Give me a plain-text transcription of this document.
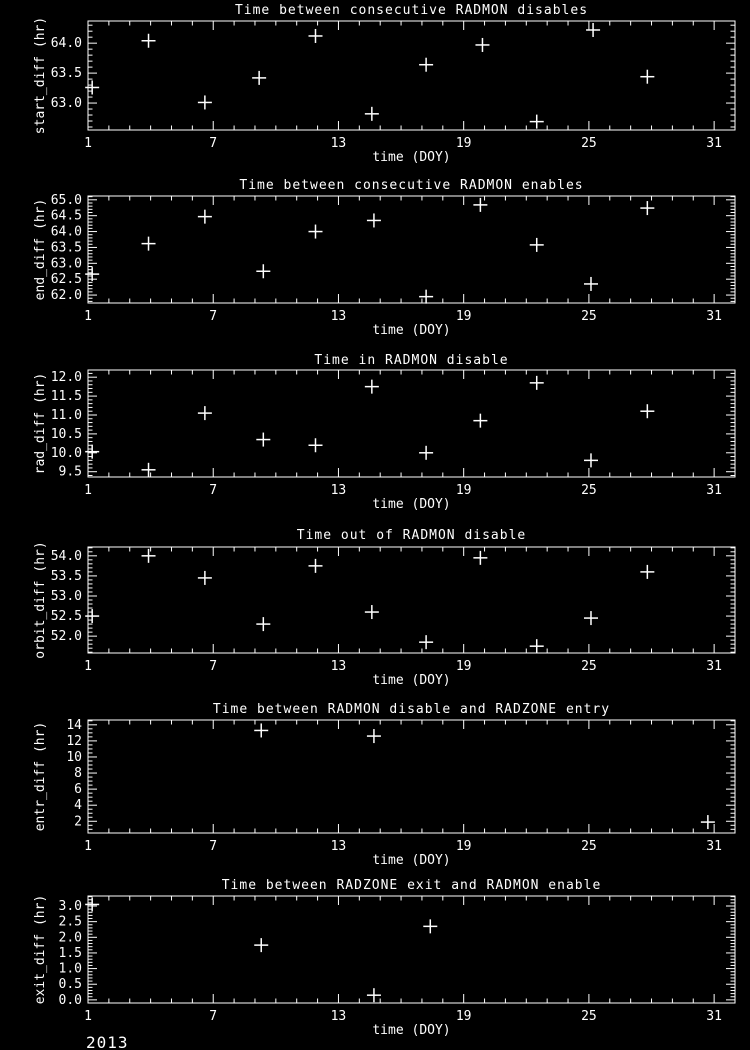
1	7	13	19	25	31
63.0
63.5
64.0
Time between consecutive RADMON disables
time (DOY)
start_diff (hr)
1	7	13	19	25	31
62.0
62.5
63.0
63.5
64.0
64.5
65.0
Time between consecutive RADMON enables
time (DOY)
end_diff (hr)
1	7	13	19	25	31
9.5
10.0
10.5
11.0
11.5
12.0
Time in RADMON disable
time (DOY)
rad_diff (hr)
1	7	13	19	25	31
52.0
52.5
53.0
53.5
54.0
Time out of RADMON disable
time (DOY)
orbit_diff (hr)
1	7	13	19	25	31
2
4
6
8
10
12
14
Time between RADMON disable and RADZONE entry
time (DOY)
entr_diff (hr)
1	7	13	19	25	31
0.0
0.5
1.0
1.5
2.0
2.5
3.0
Time between RADZONE exit and RADMON enable
time (DOY)
exit_diff (hr)
2013
